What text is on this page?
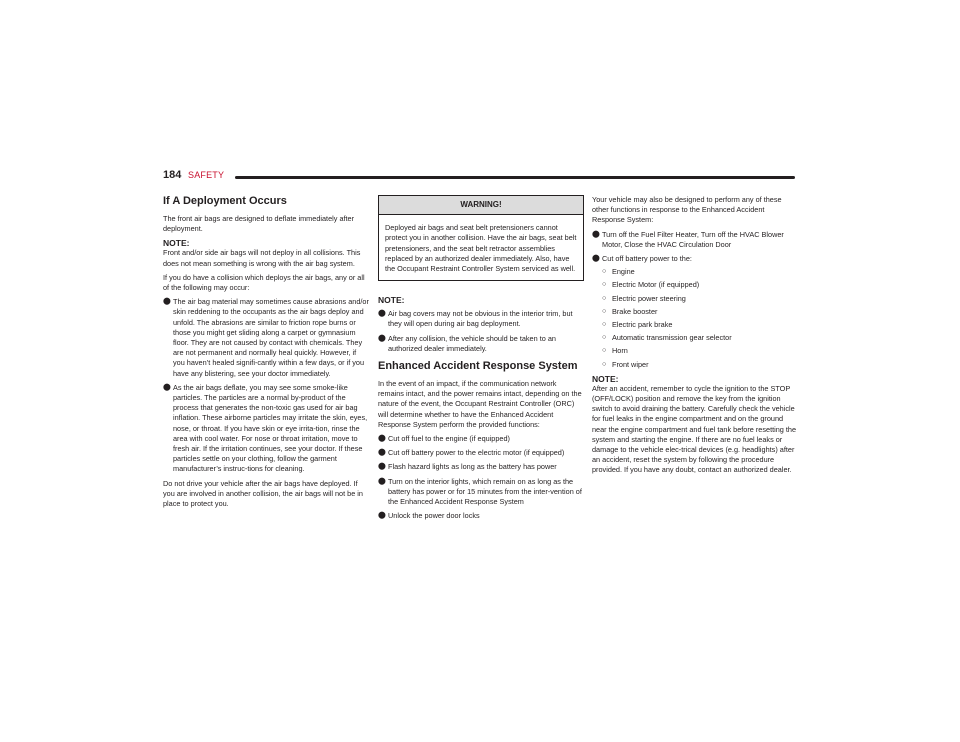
184 SAFETY
If A Deployment Occurs

The front air bags are designed to deflate immediately after deployment.

NOTE:

Front and/or side air bags will not deploy in all collisions. This does not mean something is wrong with the air bag system.

If you do have a collision which deploys the air bags, any or all of the following may occur:

⬤ The air bag material may sometimes cause abrasions and/or skin reddening to the occupants as the air bags deploy and unfold. The abrasions are similar to friction rope burns or those you might get sliding along a carpet or gymnasium floor. They are not caused by contact with chemicals. They are not permanent and normally heal quickly. However, if you haven’t healed signifi-cantly within a few days, or if you have any blistering, see your doctor immediately.
⬤ As the air bags deflate, you may see some smoke-like particles. The particles are a normal by-product of the process that generates the non-toxic gas used for air bag inflation. These airborne particles may irritate the skin, eyes, nose, or throat. If you have skin or eye irrita-tion, rinse the area with cool water. For nose or throat irritation, move to fresh air. If the irritation continues, see your doctor. If these particles settle on your clothing, follow the garment manufacturer’s instruc-tions for cleaning.

Do not drive your vehicle after the air bags have deployed. If you are involved in another collision, the air bags will not be in place to protect you.

WARNING!
Deployed air bags and seat belt pretensioners cannot protect you in another collision. Have the air bags, seat belt pretensioners, and the seat belt retractor assemblies replaced by an authorized dealer immediately. Also, have the Occupant Restraint Controller System serviced as well.
NOTE:
⬤ Air bag covers may not be obvious in the interior trim, but they will open during air bag deployment.
⬤ After any collision, the vehicle should be taken to an authorized dealer immediately.
Enhanced Accident Response System

In the event of an impact, if the communication network remains intact, and the power remains intact, depending on the nature of the event, the Occupant Restraint Controller (ORC) will determine whether to have the Enhanced Accident Response System perform the provided functions:

⬤ Cut off fuel to the engine (if equipped)
⬤ Cut off battery power to the electric motor (if equipped)
⬤ Flash hazard lights as long as the battery has power
⬤ Turn on the interior lights, which remain on as long as the battery has power or for 15 minutes from the inter-vention of the Enhanced Accident Response System
⬤ Unlock the power door locks

Your vehicle may also be designed to perform any of these other functions in response to the Enhanced Accident Response System:

⬤ Turn off the Fuel Filter Heater, Turn off the HVAC Blower Motor, Close the HVAC Circulation Door
⬤ Cut off battery power to the:
○ Engine
○ Electric Motor (if equipped)
○ Electric power steering
○ Brake booster
○ Electric park brake
○ Automatic transmission gear selector
○ Horn
○ Front wiper
NOTE:

After an accident, remember to cycle the ignition to the STOP (OFF/LOCK) position and remove the key from the ignition switch to avoid draining the battery. Carefully check the vehicle for fuel leaks in the engine compartment and on the ground near the engine compartment and fuel tank before resetting the system and starting the engine. If there are no fuel leaks or damage to the vehicle elec-trical devices (e.g. headlights) after an accident, reset the system by following the procedure provided. If you have any doubt, contact an authorized dealer.
